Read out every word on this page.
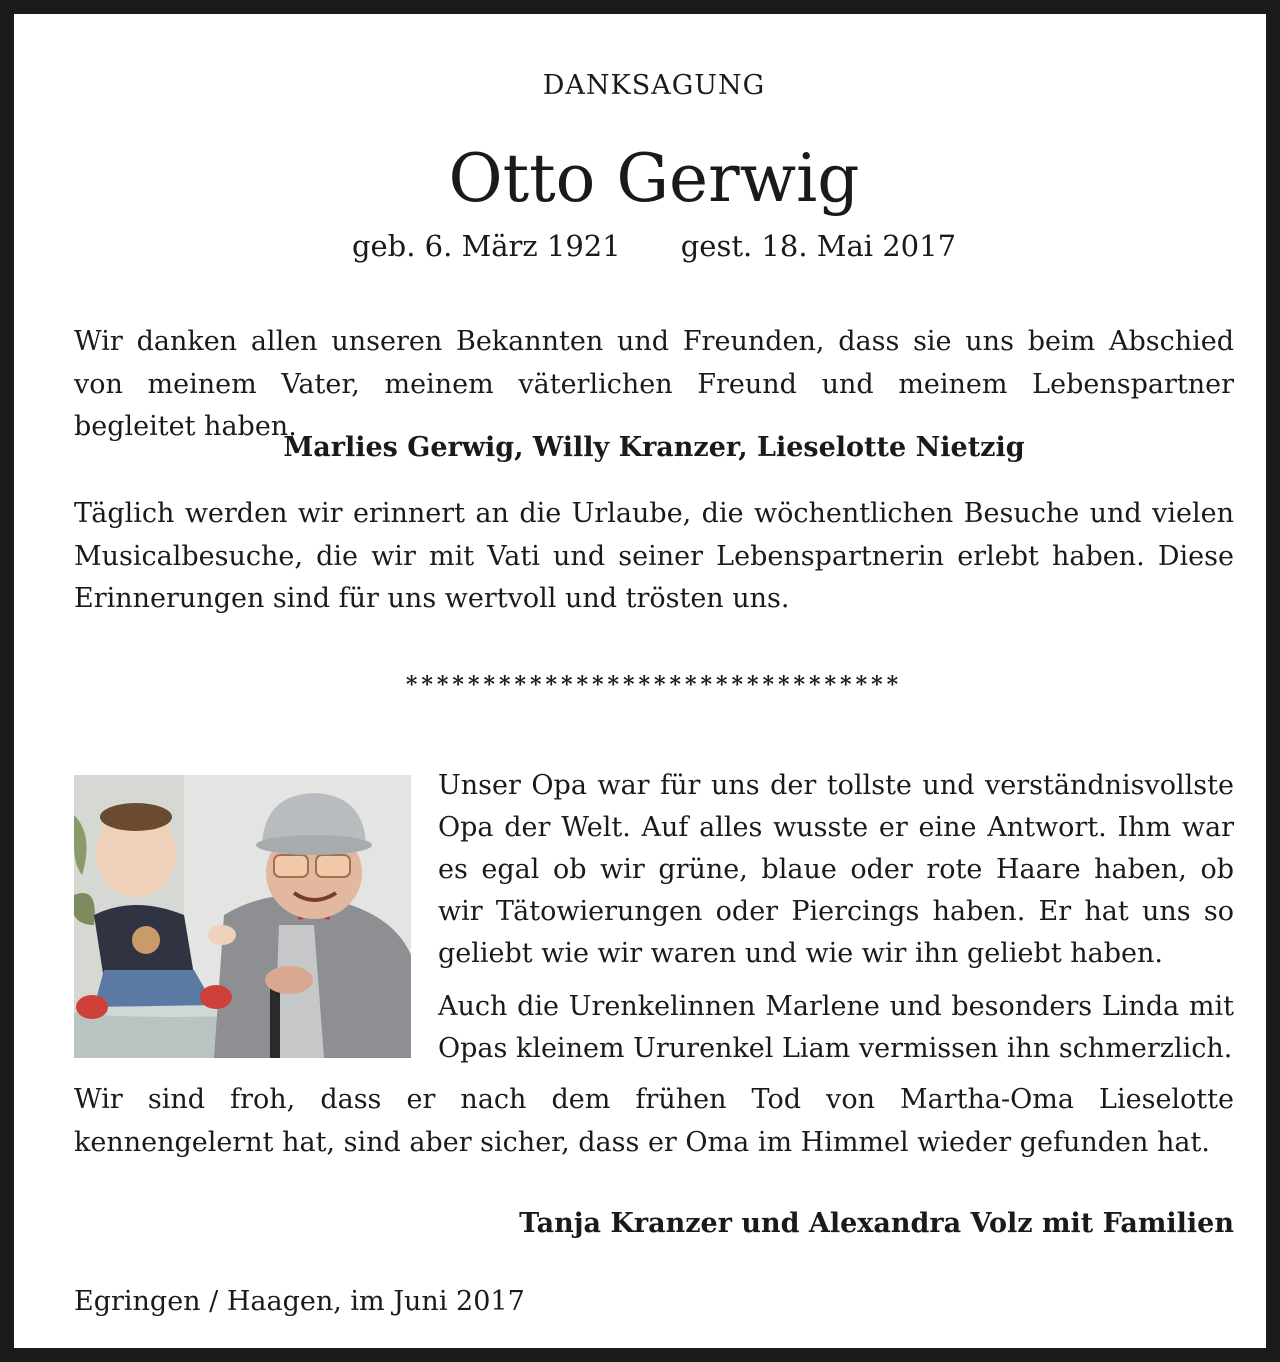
DANKSAGUNG
Otto Gerwig
geb. 6. März 1921 gest. 18. Mai 2017

Wir danken allen unseren Bekannten und Freunden, dass sie uns beim Abschied von meinem Vater, meinem väterlichen Freund und meinem Lebenspartner begleitet haben.

Marlies Gerwig, Willy Kranzer, Lieselotte Nietzig

Täglich werden wir erinnert an die Urlaube, die wöchentlichen Besuche und vielen Musicalbesuche, die wir mit Vati und seiner Lebenspartnerin erlebt haben. Diese Erinnerungen sind für uns wertvoll und trösten uns.

********************************

Unser Opa war für uns der tollste und verständnisvollste Opa der Welt. Auf alles wusste er eine Antwort. Ihm war es egal ob wir grüne, blaue oder rote Haare haben, ob wir Tätowierungen oder Piercings haben. Er hat uns so geliebt wie wir waren und wie wir ihn geliebt haben.

Auch die Urenkelinnen Marlene und besonders Linda mit Opas kleinem Ururenkel Liam vermissen ihn schmerzlich.

Wir sind froh, dass er nach dem frühen Tod von Martha-Oma Lieselotte kennengelernt hat, sind aber sicher, dass er Oma im Himmel wieder gefunden hat.

Tanja Kranzer und Alexandra Volz mit Familien
Egringen / Haagen, im Juni 2017
